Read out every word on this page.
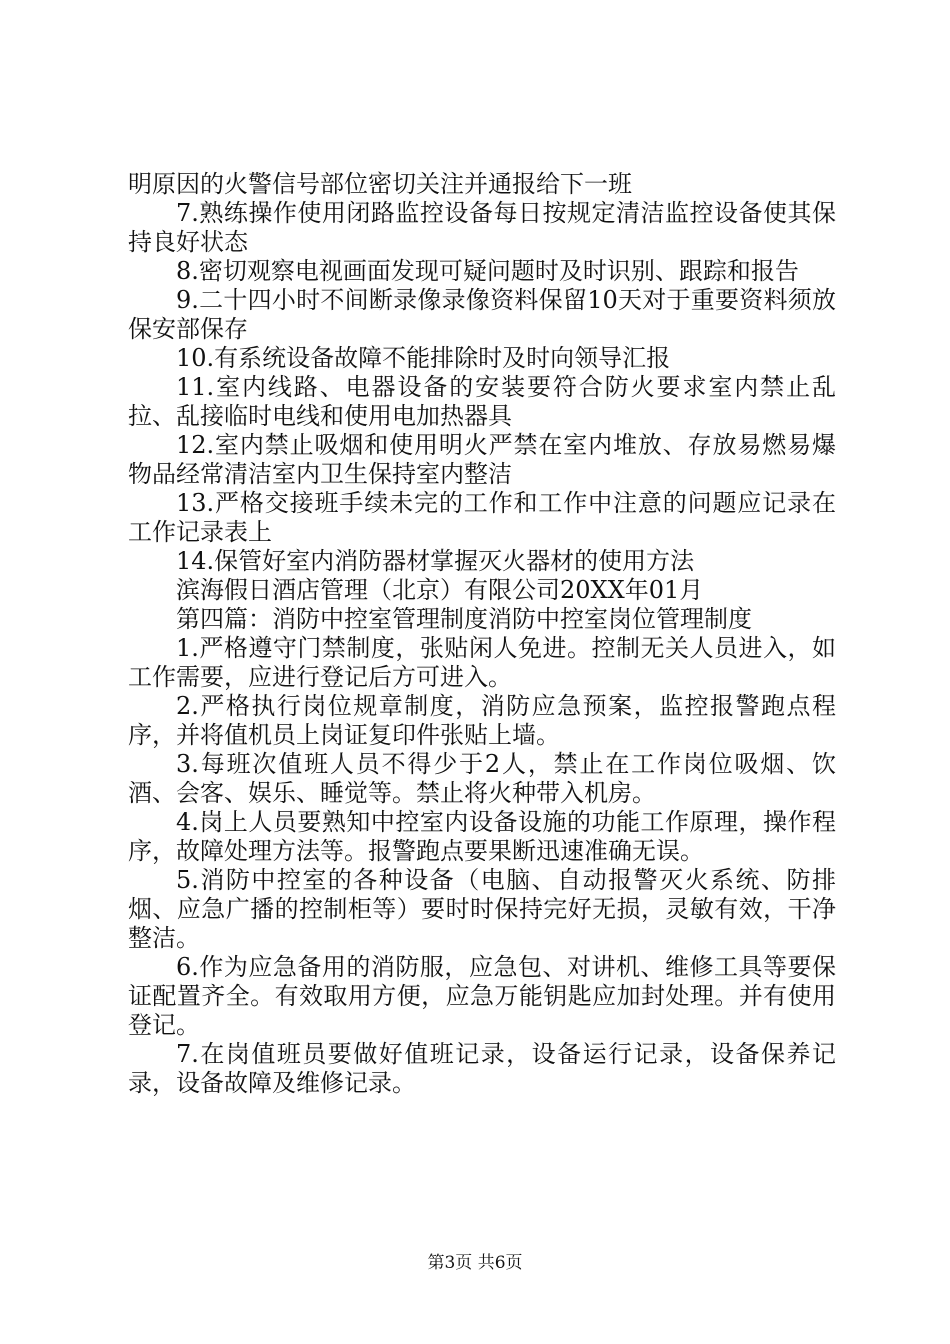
明原因的火警信号部位密切关注并通报给下一班

7.熟练操作使用闭路监控设备每日按规定清洁监控设备使其保持良好状态

8.密切观察电视画面发现可疑问题时及时识别、跟踪和报告

9.二十四小时不间断录像录像资料保留10天对于重要资料须放保安部保存

10.有系统设备故障不能排除时及时向领导汇报

11.室内线路、电器设备的安装要符合防火要求室内禁止乱拉、乱接临时电线和使用电加热器具

12.室内禁止吸烟和使用明火严禁在室内堆放、存放易燃易爆物品经常清洁室内卫生保持室内整洁

13.严格交接班手续未完的工作和工作中注意的问题应记录在工作记录表上

14.保管好室内消防器材掌握灭火器材的使用方法

滨海假日酒店管理（北京）有限公司20XX年01月

第四篇：消防中控室管理制度消防中控室岗位管理制度

1.严格遵守门禁制度，张贴闲人免进。控制无关人员进入，如工作需要，应进行登记后方可进入。

2.严格执行岗位规章制度，消防应急预案，监控报警跑点程序，并将值机员上岗证复印件张贴上墙。

3.每班次值班人员不得少于2人，禁止在工作岗位吸烟、饮酒、会客、娱乐、睡觉等。禁止将火种带入机房。

4.岗上人员要熟知中控室内设备设施的功能工作原理，操作程序，故障处理方法等。报警跑点要果断迅速准确无误。

5.消防中控室的各种设备（电脑、自动报警灭火系统、防排烟、应急广播的控制柜等）要时时保持完好无损，灵敏有效，干净整洁。

6.作为应急备用的消防服，应急包、对讲机、维修工具等要保证配置齐全。有效取用方便，应急万能钥匙应加封处理。并有使用登记。

7.在岗值班员要做好值班记录，设备运行记录，设备保养记录，设备故障及维修记录。

第3页 共6页
